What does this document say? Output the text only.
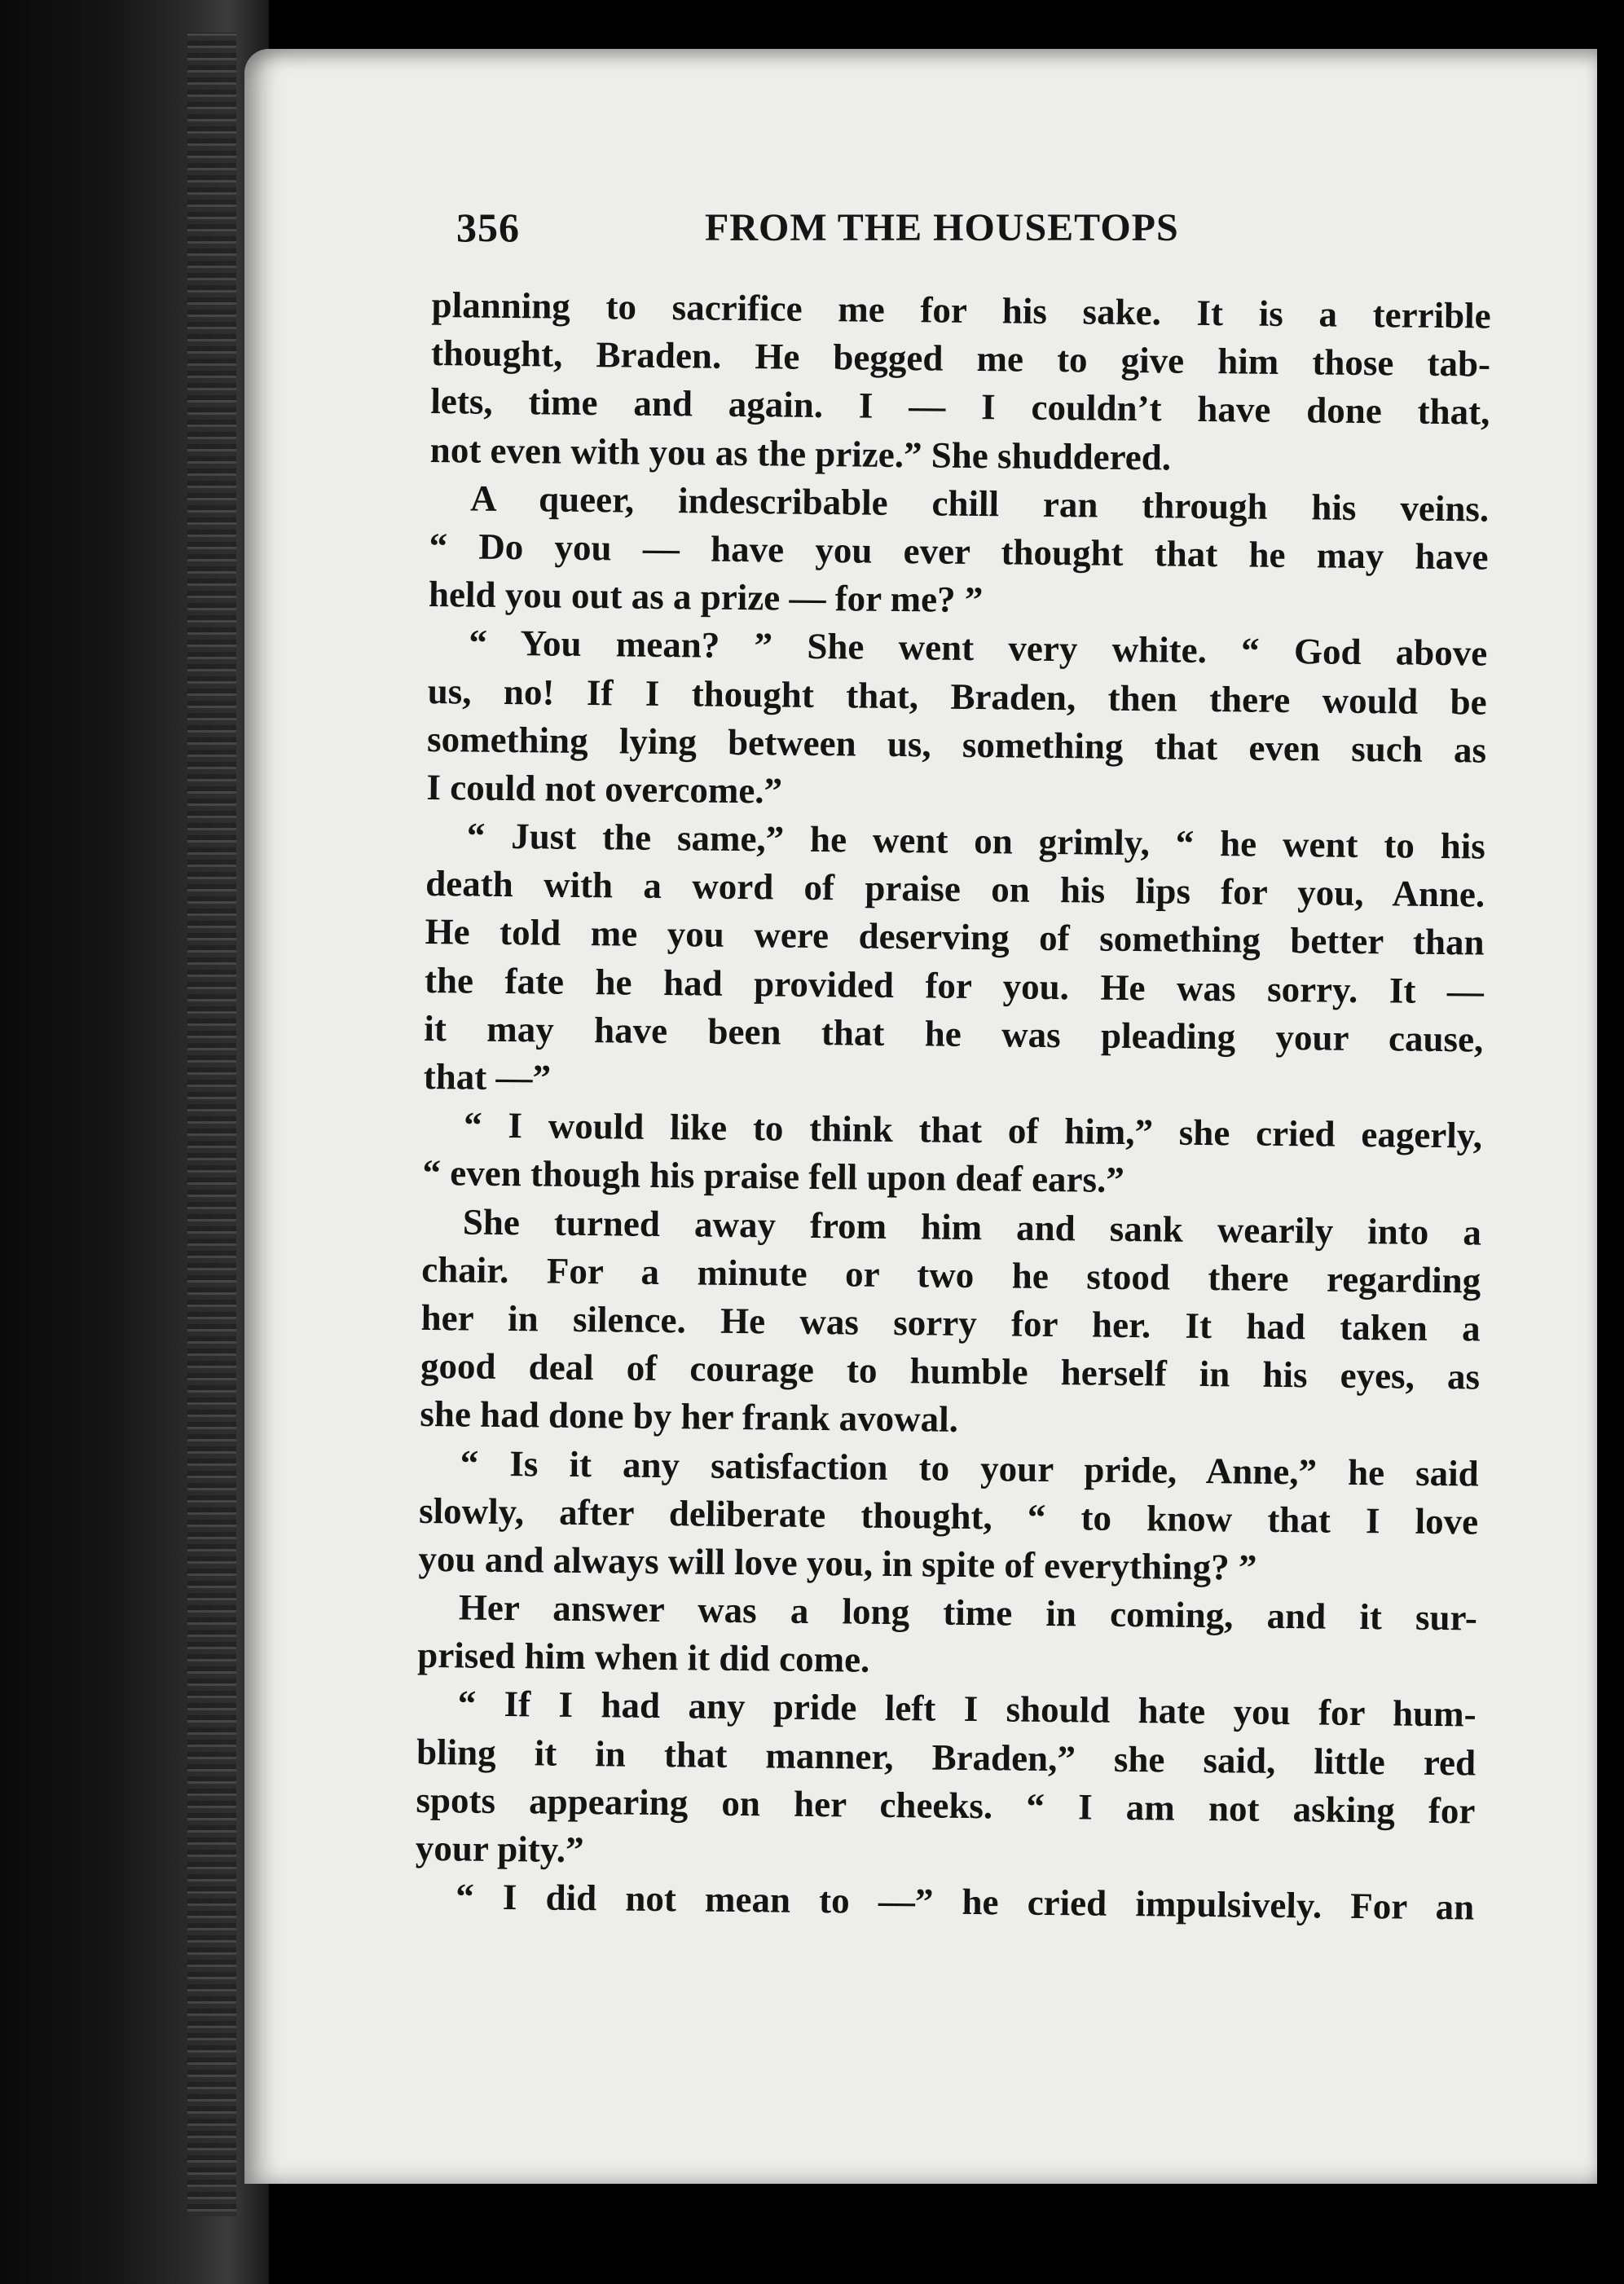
356	FROM THE HOUSETOPS
planning to sacrifice me for his sake. It is a terrible
thought, Braden. He begged me to give him those tab-
lets, time and again. I — I couldn’t have done that,
not even with you as the prize.” She shuddered.
A queer, indescribable chill ran through his veins.
“ Do you — have you ever thought that he may have
held you out as a prize — for me? ”
“ You mean? ” She went very white. “ God above
us, no! If I thought that, Braden, then there would be
something lying between us, something that even such as
I could not overcome.”
“ Just the same,” he went on grimly, “ he went to his
death with a word of praise on his lips for you, Anne.
He told me you were deserving of something better than
the fate he had provided for you. He was sorry. It —
it may have been that he was pleading your cause,
that —”
“ I would like to think that of him,” she cried eagerly,
“ even though his praise fell upon deaf ears.”
She turned away from him and sank wearily into a
chair. For a minute or two he stood there regarding
her in silence. He was sorry for her. It had taken a
good deal of courage to humble herself in his eyes, as
she had done by her frank avowal.
“ Is it any satisfaction to your pride, Anne,” he said
slowly, after deliberate thought, “ to know that I love
you and always will love you, in spite of everything? ”
Her answer was a long time in coming, and it sur-
prised him when it did come.
“ If I had any pride left I should hate you for hum-
bling it in that manner, Braden,” she said, little red
spots appearing on her cheeks. “ I am not asking for
your pity.”
“ I did not mean to —” he cried impulsively. For an
